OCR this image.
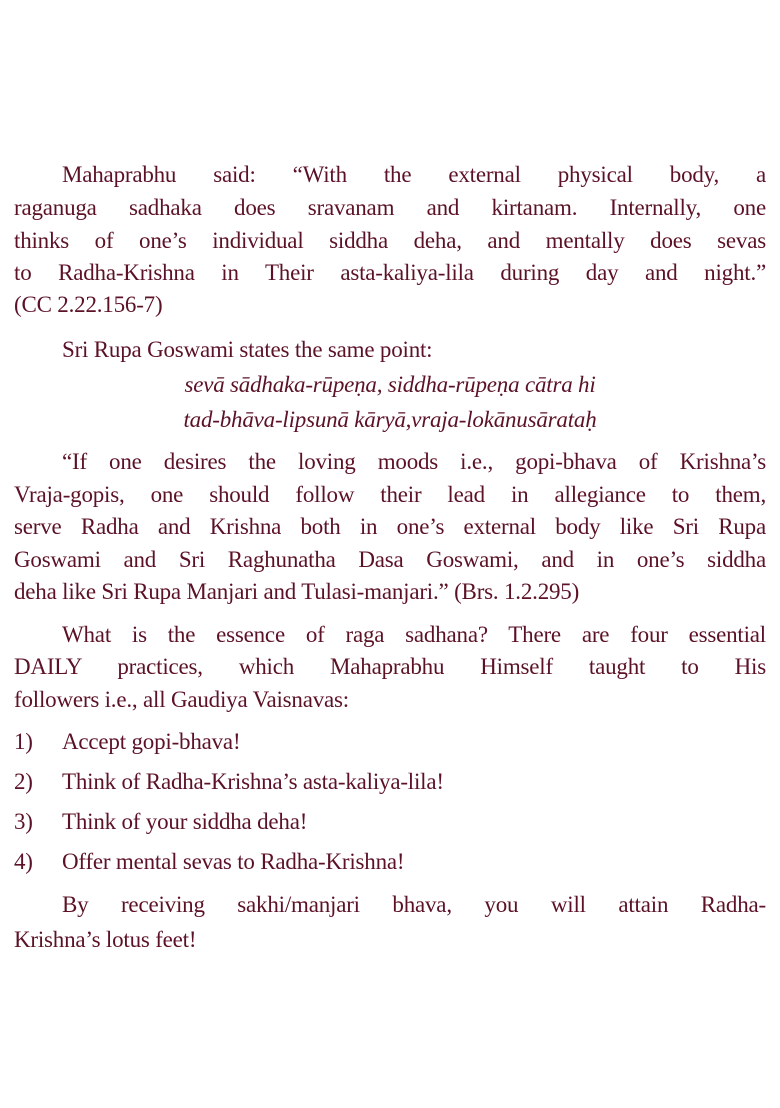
Mahaprabhu said: “With the external physical body, a
raganuga sadhaka does sravanam and kirtanam. Internally, one
thinks of one’s individual siddha deha, and mentally does sevas
to Radha-Krishna in Their asta-kaliya-lila during day and night.”
(CC 2.22.156-7)
Sri Rupa Goswami states the same point:
sevā sādhaka-rūpeṇa, siddha-rūpeṇa cātra hi
tad-bhāva-lipsunā kāryā,vraja-lokānusārataḥ
“If one desires the loving moods i.e., gopi-bhava of Krishna’s
Vraja-gopis, one should follow their lead in allegiance to them,
serve Radha and Krishna both in one’s external body like Sri Rupa
Goswami and Sri Raghunatha Dasa Goswami, and in one’s siddha
deha like Sri Rupa Manjari and Tulasi-manjari.” (Brs. 1.2.295)
What is the essence of raga sadhana? There are four essential
DAILY practices, which Mahaprabhu Himself taught to His
followers i.e., all Gaudiya Vaisnavas:
1) Accept gopi-bhava!
2) Think of Radha-Krishna’s asta-kaliya-lila!
3) Think of your siddha deha!
4) Offer mental sevas to Radha-Krishna!
By receiving sakhi/manjari bhava, you will attain Radha-
Krishna’s lotus feet!
